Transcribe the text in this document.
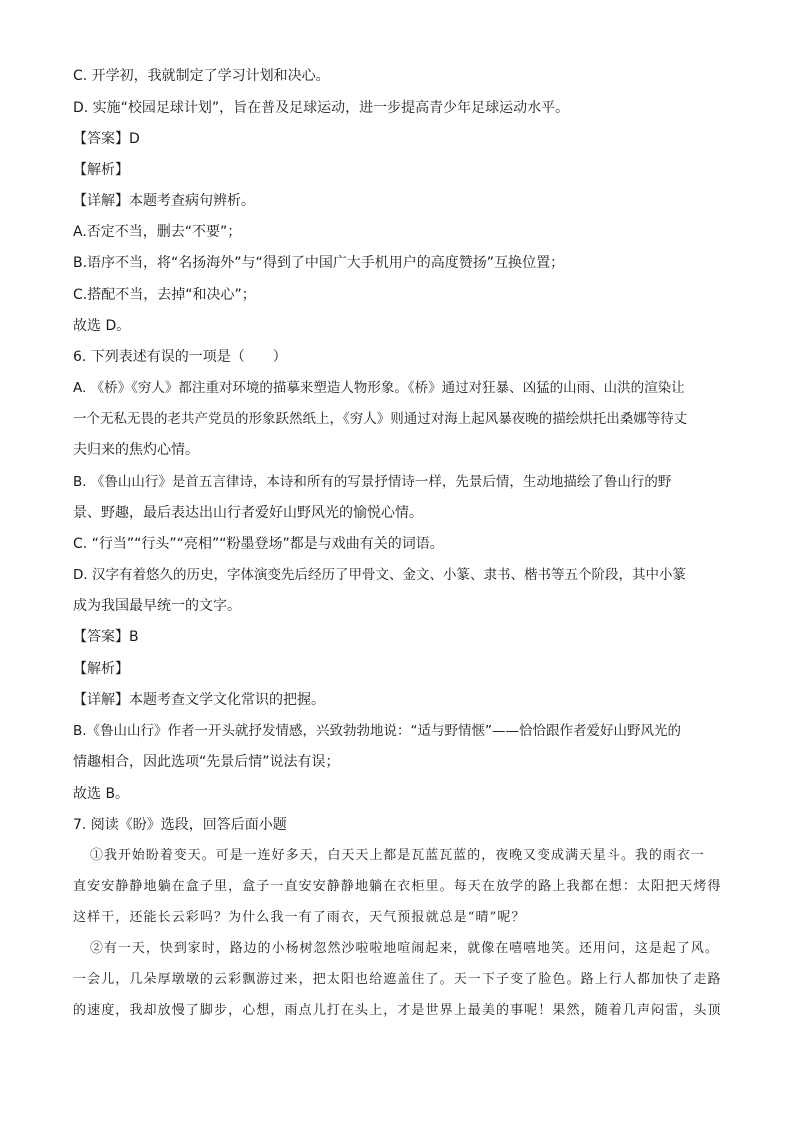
C. 开学初，我就制定了学习计划和决心。
D. 实施“校园足球计划”，旨在普及足球运动，进一步提高青少年足球运动水平。
【答案】D
【解析】
【详解】本题考查病句辨析。
A.否定不当，删去“不要”；
B.语序不当，将“名扬海外”与“得到了中国广大手机用户的高度赞扬”互换位置；
C.搭配不当，去掉“和决心”；
故选 D。
6. 下列表述有误的一项是（　　）
A. 《桥》《穷人》都注重对环境的描摹来塑造人物形象。《桥》通过对狂暴、凶猛的山雨、山洪的渲染让
一个无私无畏的老共产党员的形象跃然纸上，《穷人》则通过对海上起风暴夜晚的描绘烘托出桑娜等待丈
夫归来的焦灼心情。
B. 《鲁山山行》是首五言律诗，本诗和所有的写景抒情诗一样，先景后情，生动地描绘了鲁山行的野
景、野趣，最后表达出山行者爱好山野风光的愉悦心情。
C. “行当”“行头”“亮相”“粉墨登场”都是与戏曲有关的词语。
D. 汉字有着悠久的历史，字体演变先后经历了甲骨文、金文、小篆、隶书、楷书等五个阶段，其中小篆
成为我国最早统一的文字。
【答案】B
【解析】
【详解】本题考查文学文化常识的把握。
B.《鲁山山行》作者一开头就抒发情感，兴致勃勃地说：“适与野情惬”——恰恰跟作者爱好山野风光的
情趣相合，因此选项“先景后情”说法有误；
故选 B。
7. 阅读《盼》选段，回答后面小题
①我开始盼着变天。可是一连好多天，白天天上都是瓦蓝瓦蓝的，夜晚又变成满天星斗。我的雨衣一
直安安静静地躺在盒子里，盒子一直安安静静地躺在衣柜里。每天在放学的路上我都在想：太阳把天烤得
这样干，还能长云彩吗？为什么我一有了雨衣，天气预报就总是“晴”呢？
②有一天，快到家时，路边的小杨树忽然沙啦啦地喧闹起来，就像在嘻嘻地笑。还用问，这是起了风。
一会儿，几朵厚墩墩的云彩飘游过来，把太阳也给遮盖住了。天一下子变了脸色。路上行人都加快了走路
的速度，我却放慢了脚步，心想，雨点儿打在头上，才是世界上最美的事呢！果然，随着几声闷雷，头顶
